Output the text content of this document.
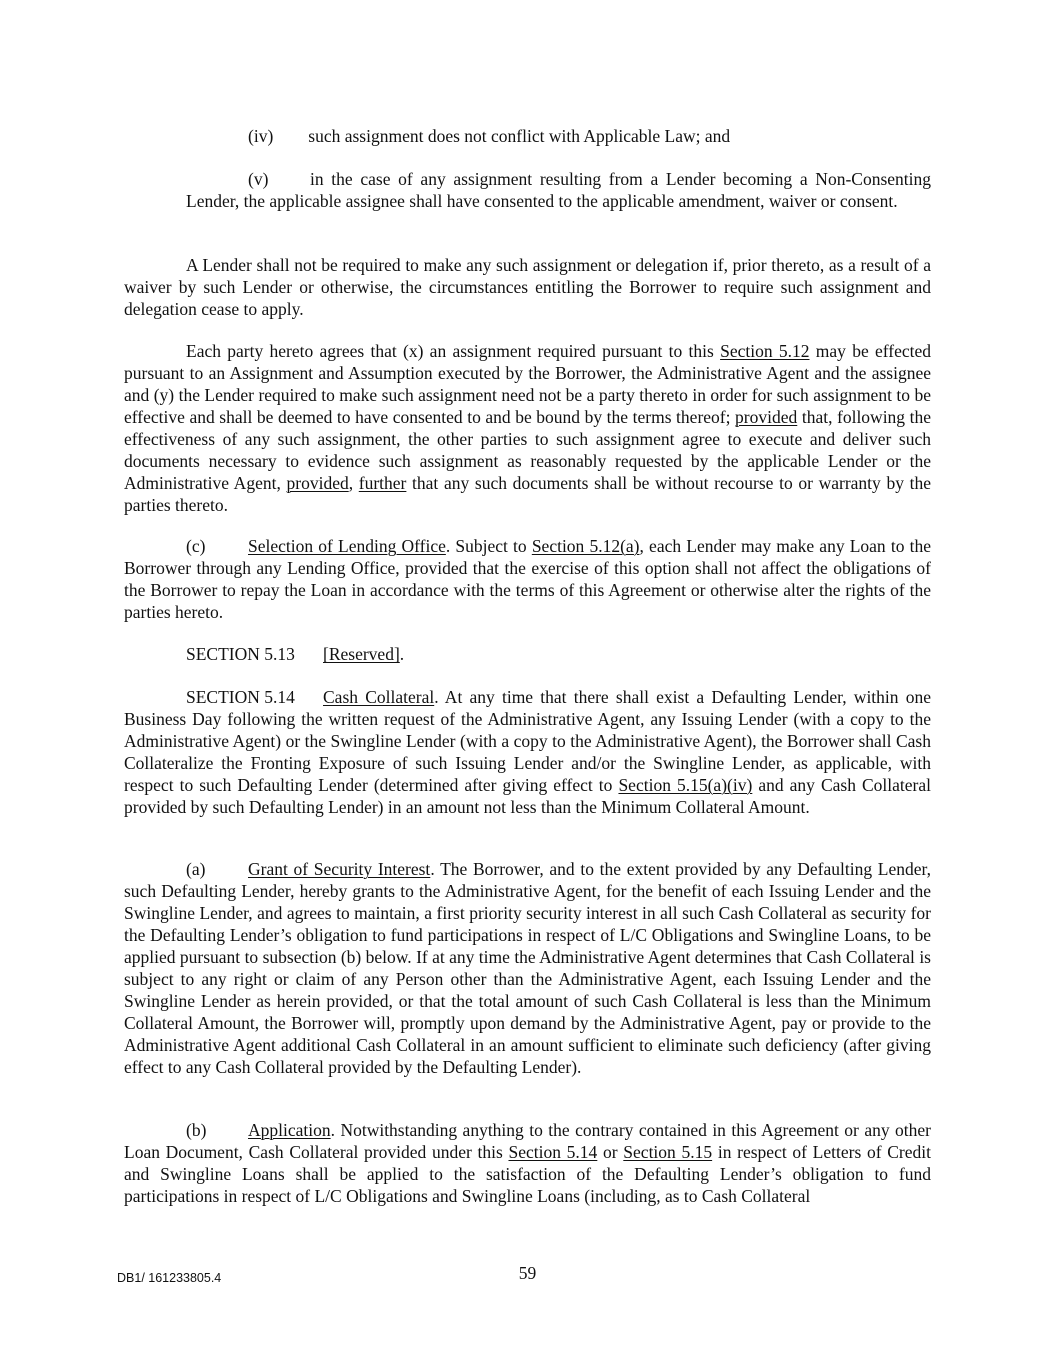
(iv) such assignment does not conflict with Applicable Law; and

(v) in the case of any assignment resulting from a Lender becoming a Non-Consenting Lender, the applicable assignee shall have consented to the applicable amendment, waiver or consent.

A Lender shall not be required to make any such assignment or delegation if, prior thereto, as a result of a waiver by such Lender or otherwise, the circumstances entitling the Borrower to require such assignment and delegation cease to apply.

Each party hereto agrees that (x) an assignment required pursuant to this Section 5.12 may be effected pursuant to an Assignment and Assumption executed by the Borrower, the Administrative Agent and the assignee and (y) the Lender required to make such assignment need not be a party thereto in order for such assignment to be effective and shall be deemed to have consented to and be bound by the terms thereof; provided that, following the effectiveness of any such assignment, the other parties to such assignment agree to execute and deliver such documents necessary to evidence such assignment as reasonably requested by the applicable Lender or the Administrative Agent, provided, further that any such documents shall be without recourse to or warranty by the parties thereto.

(c) Selection of Lending Office. Subject to Section 5.12(a), each Lender may make any Loan to the Borrower through any Lending Office, provided that the exercise of this option shall not affect the obligations of the Borrower to repay the Loan in accordance with the terms of this Agreement or otherwise alter the rights of the parties hereto.

SECTION 5.13 [Reserved].

SECTION 5.14 Cash Collateral. At any time that there shall exist a Defaulting Lender, within one Business Day following the written request of the Administrative Agent, any Issuing Lender (with a copy to the Administrative Agent) or the Swingline Lender (with a copy to the Administrative Agent), the Borrower shall Cash Collateralize the Fronting Exposure of such Issuing Lender and/or the Swingline Lender, as applicable, with respect to such Defaulting Lender (determined after giving effect to Section 5.15(a)(iv) and any Cash Collateral provided by such Defaulting Lender) in an amount not less than the Minimum Collateral Amount.

(a) Grant of Security Interest. The Borrower, and to the extent provided by any Defaulting Lender, such Defaulting Lender, hereby grants to the Administrative Agent, for the benefit of each Issuing Lender and the Swingline Lender, and agrees to maintain, a first priority security interest in all such Cash Collateral as security for the Defaulting Lender’s obligation to fund participations in respect of L/C Obligations and Swingline Loans, to be applied pursuant to subsection (b) below. If at any time the Administrative Agent determines that Cash Collateral is subject to any right or claim of any Person other than the Administrative Agent, each Issuing Lender and the Swingline Lender as herein provided, or that the total amount of such Cash Collateral is less than the Minimum Collateral Amount, the Borrower will, promptly upon demand by the Administrative Agent, pay or provide to the Administrative Agent additional Cash Collateral in an amount sufficient to eliminate such deficiency (after giving effect to any Cash Collateral provided by the Defaulting Lender).

(b) Application. Notwithstanding anything to the contrary contained in this Agreement or any other Loan Document, Cash Collateral provided under this Section 5.14 or Section 5.15 in respect of Letters of Credit and Swingline Loans shall be applied to the satisfaction of the Defaulting Lender’s obligation to fund participations in respect of L/C Obligations and Swingline Loans (including, as to Cash Collateral

DB1/ 161233805.4	59
